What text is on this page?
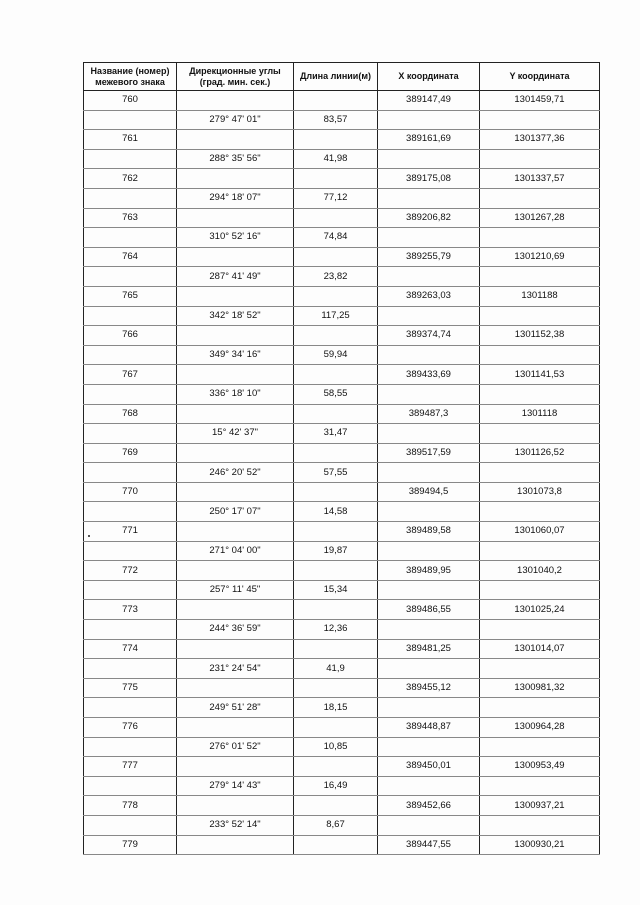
Название (номер)
межевого знака	Дирекционные углы
(град. мин. сек.)	Длина линии(м)	X координата	Y координата
760			389147,49	1301459,71
	279° 47' 01"	83,57		
761			389161,69	1301377,36
	288° 35' 56"	41,98		
762			389175,08	1301337,57
	294° 18' 07"	77,12		
763			389206,82	1301267,28
	310° 52' 16"	74,84		
764			389255,79	1301210,69
	287° 41' 49"	23,82		
765			389263,03	1301188
	342° 18' 52"	117,25		
766			389374,74	1301152,38
	349° 34' 16"	59,94		
767			389433,69	1301141,53
	336° 18' 10"	58,55		
768			389487,3	1301118
	15° 42' 37"	31,47		
769			389517,59	1301126,52
	246° 20' 52"	57,55		
770			389494,5	1301073,8
	250° 17' 07"	14,58		
771			389489,58	1301060,07
	271° 04' 00"	19,87		
772			389489,95	1301040,2
	257° 11' 45"	15,34		
773			389486,55	1301025,24
	244° 36' 59"	12,36		
774			389481,25	1301014,07
	231° 24' 54"	41,9		
775			389455,12	1300981,32
	249° 51' 28"	18,15		
776			389448,87	1300964,28
	276° 01' 52"	10,85		
777			389450,01	1300953,49
	279° 14' 43"	16,49		
778			389452,66	1300937,21
	233° 52' 14"	8,67		
779			389447,55	1300930,21
